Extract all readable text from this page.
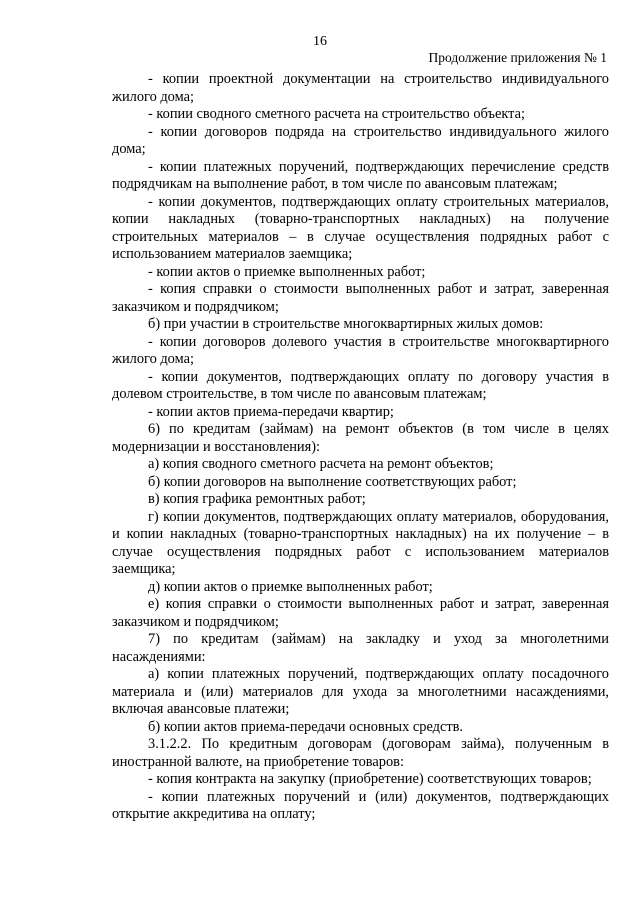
16
Продолжение приложения № 1

- копии проектной документации на строительство индивидуального жилого дома;

- копии сводного сметного расчета на строительство объекта;

- копии договоров подряда на строительство индивидуального жилого дома;

- копии платежных поручений, подтверждающих перечисление средств подрядчикам на выполнение работ, в том числе по авансовым платежам;

- копии документов, подтверждающих оплату строительных материалов, копии накладных (товарно-транспортных накладных) на получение строительных материалов – в случае осуществления подрядных работ с использованием материалов заемщика;

- копии актов о приемке выполненных работ;

- копия справки о стоимости выполненных работ и затрат, заверенная заказчиком и подрядчиком;

б) при участии в строительстве многоквартирных жилых домов:

- копии договоров долевого участия в строительстве многоквартирного жилого дома;

- копии документов, подтверждающих оплату по договору участия в долевом строительстве, в том числе по авансовым платежам;

- копии актов приема-передачи квартир;

6) по кредитам (займам) на ремонт объектов (в том числе в целях модернизации и восстановления):

а) копия сводного сметного расчета на ремонт объектов;

б) копии договоров на выполнение соответствующих работ;

в) копия графика ремонтных работ;

г) копии документов, подтверждающих оплату материалов, оборудования, и копии накладных (товарно-транспортных накладных) на их получение – в случае осуществления подрядных работ с использованием материалов заемщика;

д) копии актов о приемке выполненных работ;

е) копия справки о стоимости выполненных работ и затрат, заверенная заказчиком и подрядчиком;

7) по кредитам (займам) на закладку и уход за многолетними насаждениями:

а) копии платежных поручений, подтверждающих оплату посадочного материала и (или) материалов для ухода за многолетними насаждениями, включая авансовые платежи;

б) копии актов приема-передачи основных средств.

3.1.2.2. По кредитным договорам (договорам займа), полученным в иностранной валюте, на приобретение товаров:

- копия контракта на закупку (приобретение) соответствующих товаров;

- копии платежных поручений и (или) документов, подтверждающих открытие аккредитива на оплату;
